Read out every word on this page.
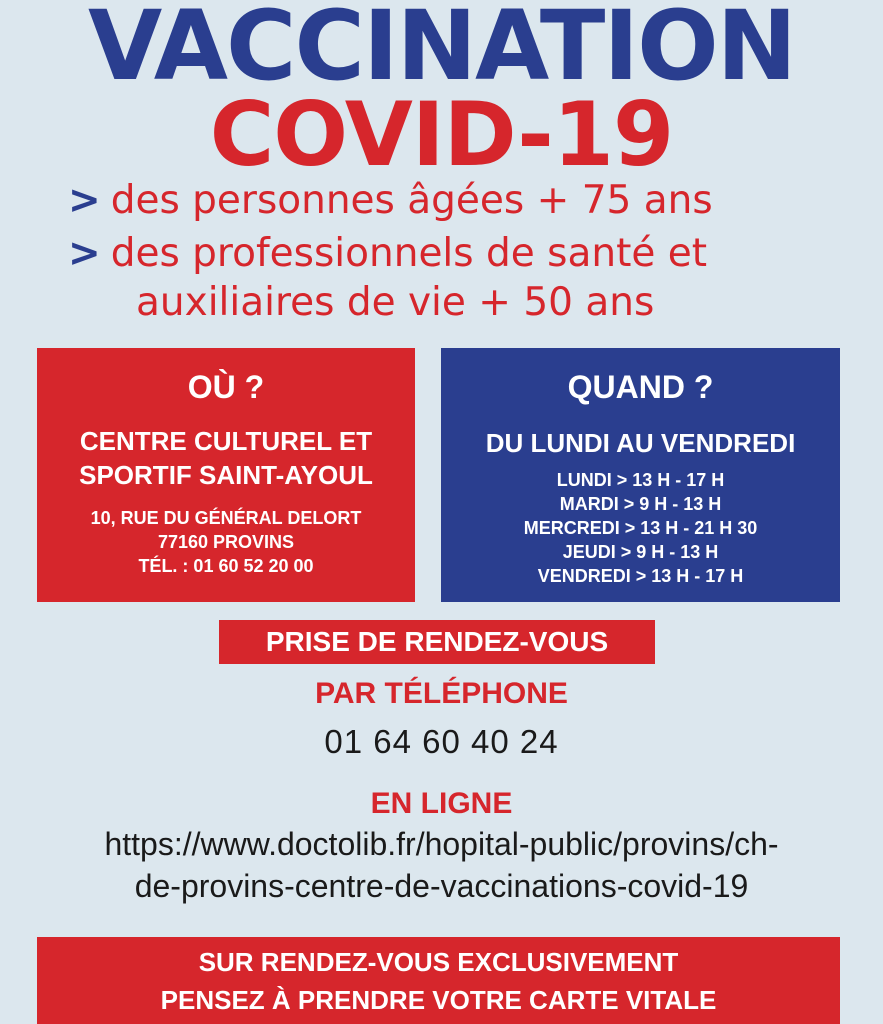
VACCINATION
COVID-19
> des personnes âgées + 75 ans
> des professionnels de santé et
auxiliaires de vie + 50 ans
OÙ ?
CENTRE CULTUREL ET
SPORTIF SAINT-AYOUL
10, RUE DU GÉNÉRAL DELORT
77160 PROVINS
TÉL. : 01 60 52 20 00
QUAND ?
DU LUNDI AU VENDREDI
LUNDI > 13 H - 17 H
MARDI > 9 H - 13 H
MERCREDI > 13 H - 21 H 30
JEUDI > 9 H - 13 H
VENDREDI > 13 H - 17 H
PRISE DE RENDEZ-VOUS
PAR TÉLÉPHONE
01 64 60 40 24
EN LIGNE
https://www.doctolib.fr/hopital-public/provins/ch-
de-provins-centre-de-vaccinations-covid-19
SUR RENDEZ-VOUS EXCLUSIVEMENT
PENSEZ À PRENDRE VOTRE CARTE VITALE
